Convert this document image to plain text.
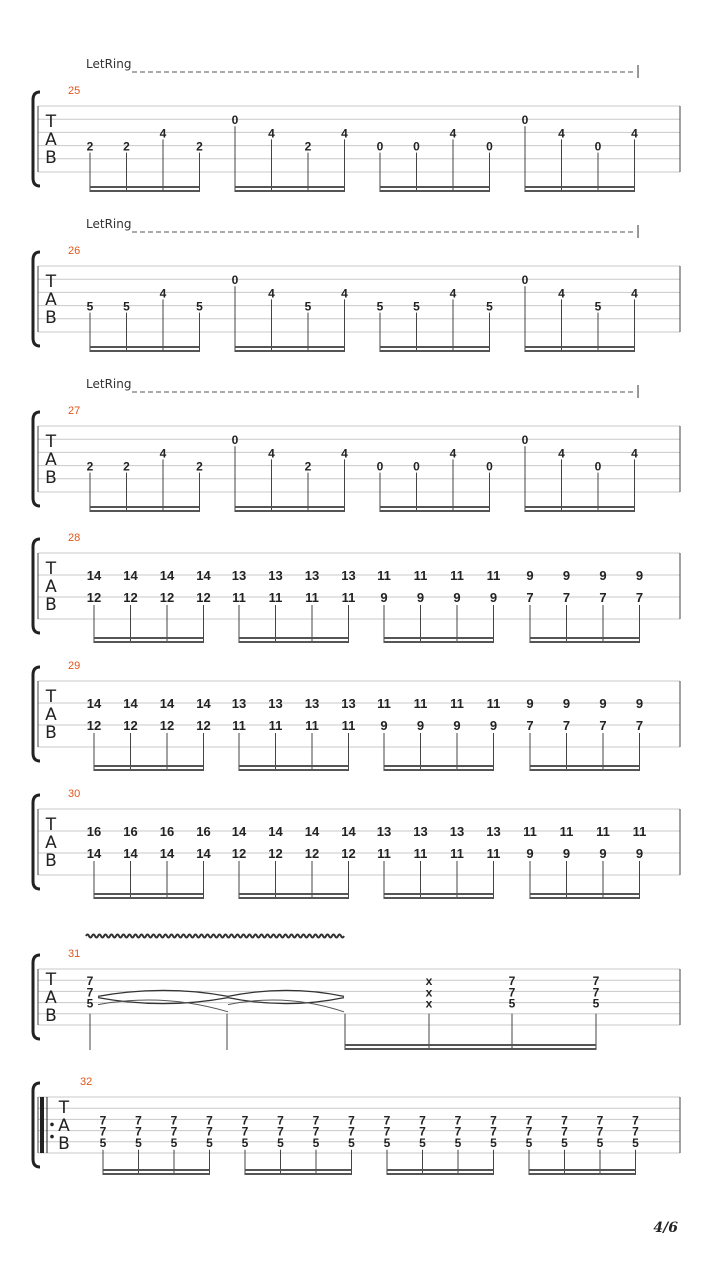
T
A
B
25
LetRing
2 2
4
2
0
4
2
4
0 0
4
0
0
4
0
4
T
A
B
26
LetRing
5 5
4
5
0
4
5
4
5 5
4
5
0
4
5
4
T
A
B
27
LetRing
2 2
4
2
0
4
2
4
0 0
4
0
0
4
0
4
T
A
B
28
14
12
14
12
14
12
14
12
13
11
13
11
13
11
13
11
11
9
11
9
11
9
11
9
9
7
9
7
9
7
9
7
T
A
B
29
14
12
14
12
14
12
14
12
13
11
13
11
13
11
13
11
11
9
11
9
11
9
11
9
9
7
9
7
9
7
9
7
T
A
B
30
16
14
16
14
16
14
16
14
14
12
14
12
14
12
14
12
13
11
13
11
13
11
13
11
11
9
11
9
11
9
11
9
T
A
B
31
7
7
5
x
x
x
7
7
5
7
7
5
T
A
B
32
7
7
5
7
7
5
7
7
5
7
7
5
7
7
5
7
7
5
7
7
5
7
7
5
7
7
5
7
7
5
7
7
5
7
7
5
7
7
5
7
7
5
7
7
5
7
7
5
4/6
